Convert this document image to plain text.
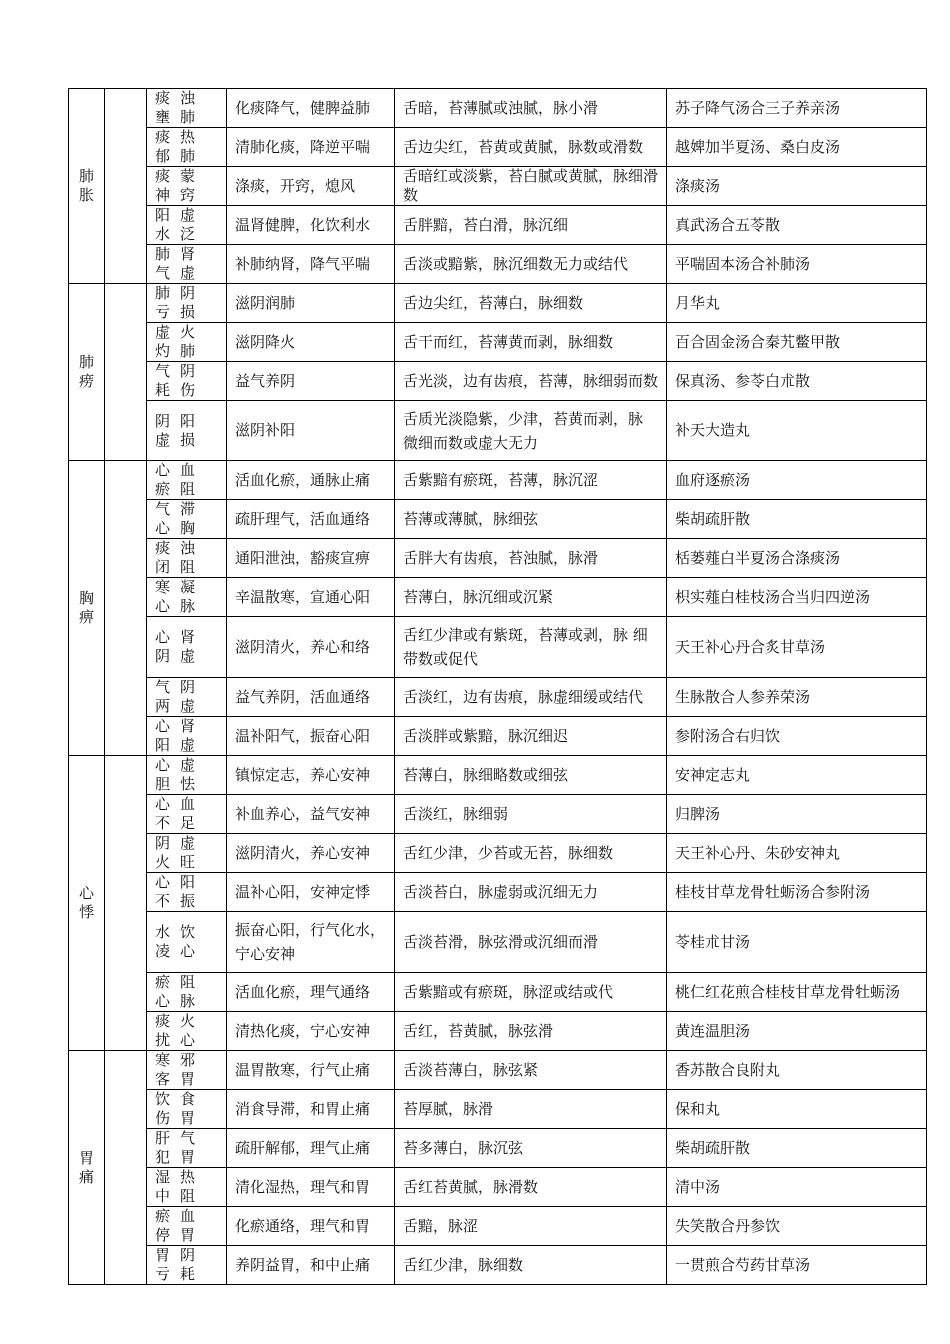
肺胀		痰浊壅肺	化痰降气，健脾益肺	舌暗，苔薄腻或浊腻，脉小滑	苏子降气汤合三子养亲汤
		痰热郁肺	清肺化痰，降逆平喘	舌边尖红，苔黄或黄腻，脉数或滑数	越婢加半夏汤、桑白皮汤
		痰蒙神窍	涤痰，开窍，熄风	舌暗红或淡紫，苔白腻或黄腻，脉细滑数	涤痰汤
		阳虚水泛	温肾健脾，化饮利水	舌胖黯，苔白滑，脉沉细	真武汤合五苓散
		肺肾气虚	补肺纳肾，降气平喘	舌淡或黯紫，脉沉细数无力或结代	平喘固本汤合补肺汤

肺痨		肺阴亏损	滋阴润肺	舌边尖红，苔薄白，脉细数	月华丸
		虚火灼肺	滋阴降火	舌干而红，苔薄黄而剥，脉细数	百合固金汤合秦艽鳖甲散
		气阴耗伤	益气养阴	舌光淡，边有齿痕，苔薄，脉细弱而数	保真汤、参苓白朮散
		阴阳虚损	滋阴补阳	舌质光淡隐紫，少津，苔黄而剥，脉 微细而数或虚大无力	补天大造丸

胸痹		心血瘀阻	活血化瘀，通脉止痛	舌紫黯有瘀斑，苔薄，脉沉涩	血府逐瘀汤
		气滞心胸	疏肝理气，活血通络	苔薄或薄腻，脉细弦	柴胡疏肝散
		痰浊闭阻	通阳泄浊，豁痰宣痹	舌胖大有齿痕，苔浊腻，脉滑	栝蒌薤白半夏汤合涤痰汤
		寒凝心脉	辛温散寒，宣通心阳	苔薄白，脉沉细或沉紧	枳实薤白桂枝汤合当归四逆汤
		心肾阴虚	滋阴清火，养心和络	舌红少津或有紫斑，苔薄或剥，脉 细 带数或促代	天王补心丹合炙甘草汤
		气阴两虚	益气养阴，活血通络	舌淡红，边有齿痕，脉虚细缓或结代	生脉散合人参养荣汤
		心肾阳虚	温补阳气，振奋心阳	舌淡胖或紫黯，脉沉细迟	参附汤合右归饮

心悸		心虚胆怯	镇惊定志，养心安神	苔薄白，脉细略数或细弦	安神定志丸
		心血不足	补血养心，益气安神	舌淡红，脉细弱	归脾汤
		阴虚火旺	滋阴清火，养心安神	舌红少津，少苔或无苔，脉细数	天王补心丹、朱砂安神丸
		心阳不振	温补心阳，安神定悸	舌淡苔白，脉虚弱或沉细无力	桂枝甘草龙骨牡蛎汤合参附汤
		水饮凌心	振奋心阳，行气化水， 宁心安神	舌淡苔滑，脉弦滑或沉细而滑	苓桂朮甘汤
		瘀阻心脉	活血化瘀，理气通络	舌紫黯或有瘀斑，脉涩或结或代	桃仁红花煎合桂枝甘草龙骨牡蛎汤
		痰火扰心	清热化痰，宁心安神	舌红，苔黄腻，脉弦滑	黄连温胆汤

胃痛		寒邪客胃	温胃散寒，行气止痛	舌淡苔薄白，脉弦紧	香苏散合良附丸
		饮食伤胃	消食导滞，和胃止痛	苔厚腻，脉滑	保和丸
		肝气犯胃	疏肝解郁，理气止痛	苔多薄白，脉沉弦	柴胡疏肝散
		湿热中阻	清化湿热，理气和胃	舌红苔黄腻，脉滑数	清中汤
		瘀血停胃	化瘀通络，理气和胃	舌黯，脉涩	失笑散合丹参饮
		胃阴亏耗	养阴益胃，和中止痛	舌红少津，脉细数	一贯煎合芍药甘草汤
